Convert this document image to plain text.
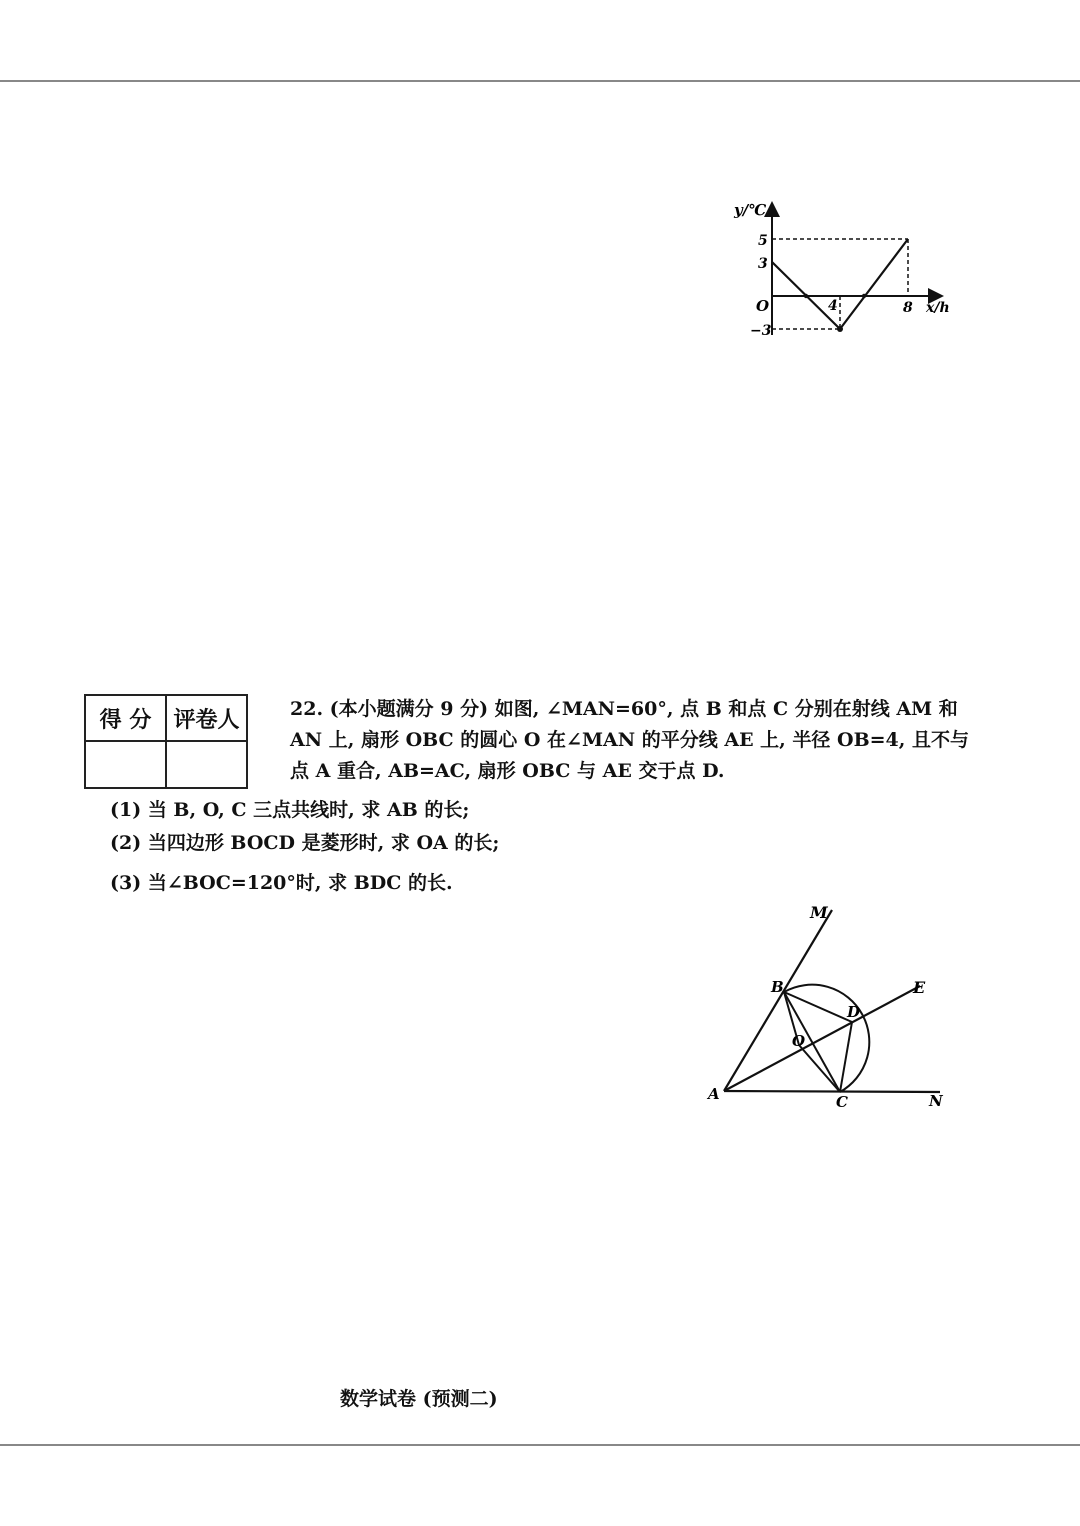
y/℃
x/h
O
5
3
−3
4	8
得 分	评卷人
		22. (本小题满分 9 分) 如图, ∠MAN=60°, 点 B 和点 C 分别在射线 AM 和 AN 上, 扇形 OBC 的圆心 O 在∠MAN 的平分线 AE 上, 半径 OB=4, 且不与点 A 重合, AB=AC, 扇形 OBC 与 AE 交于点 D.
(1) 当 B, O, C 三点共线时, 求 AB 的长;
(2) 当四边形 BOCD 是菱形时, 求 OA 的长;
(3) 当∠BOC=120°时, 求 BDC 的长.
M
E
B
D
O
A	C	N
数学试卷 (预测二)
